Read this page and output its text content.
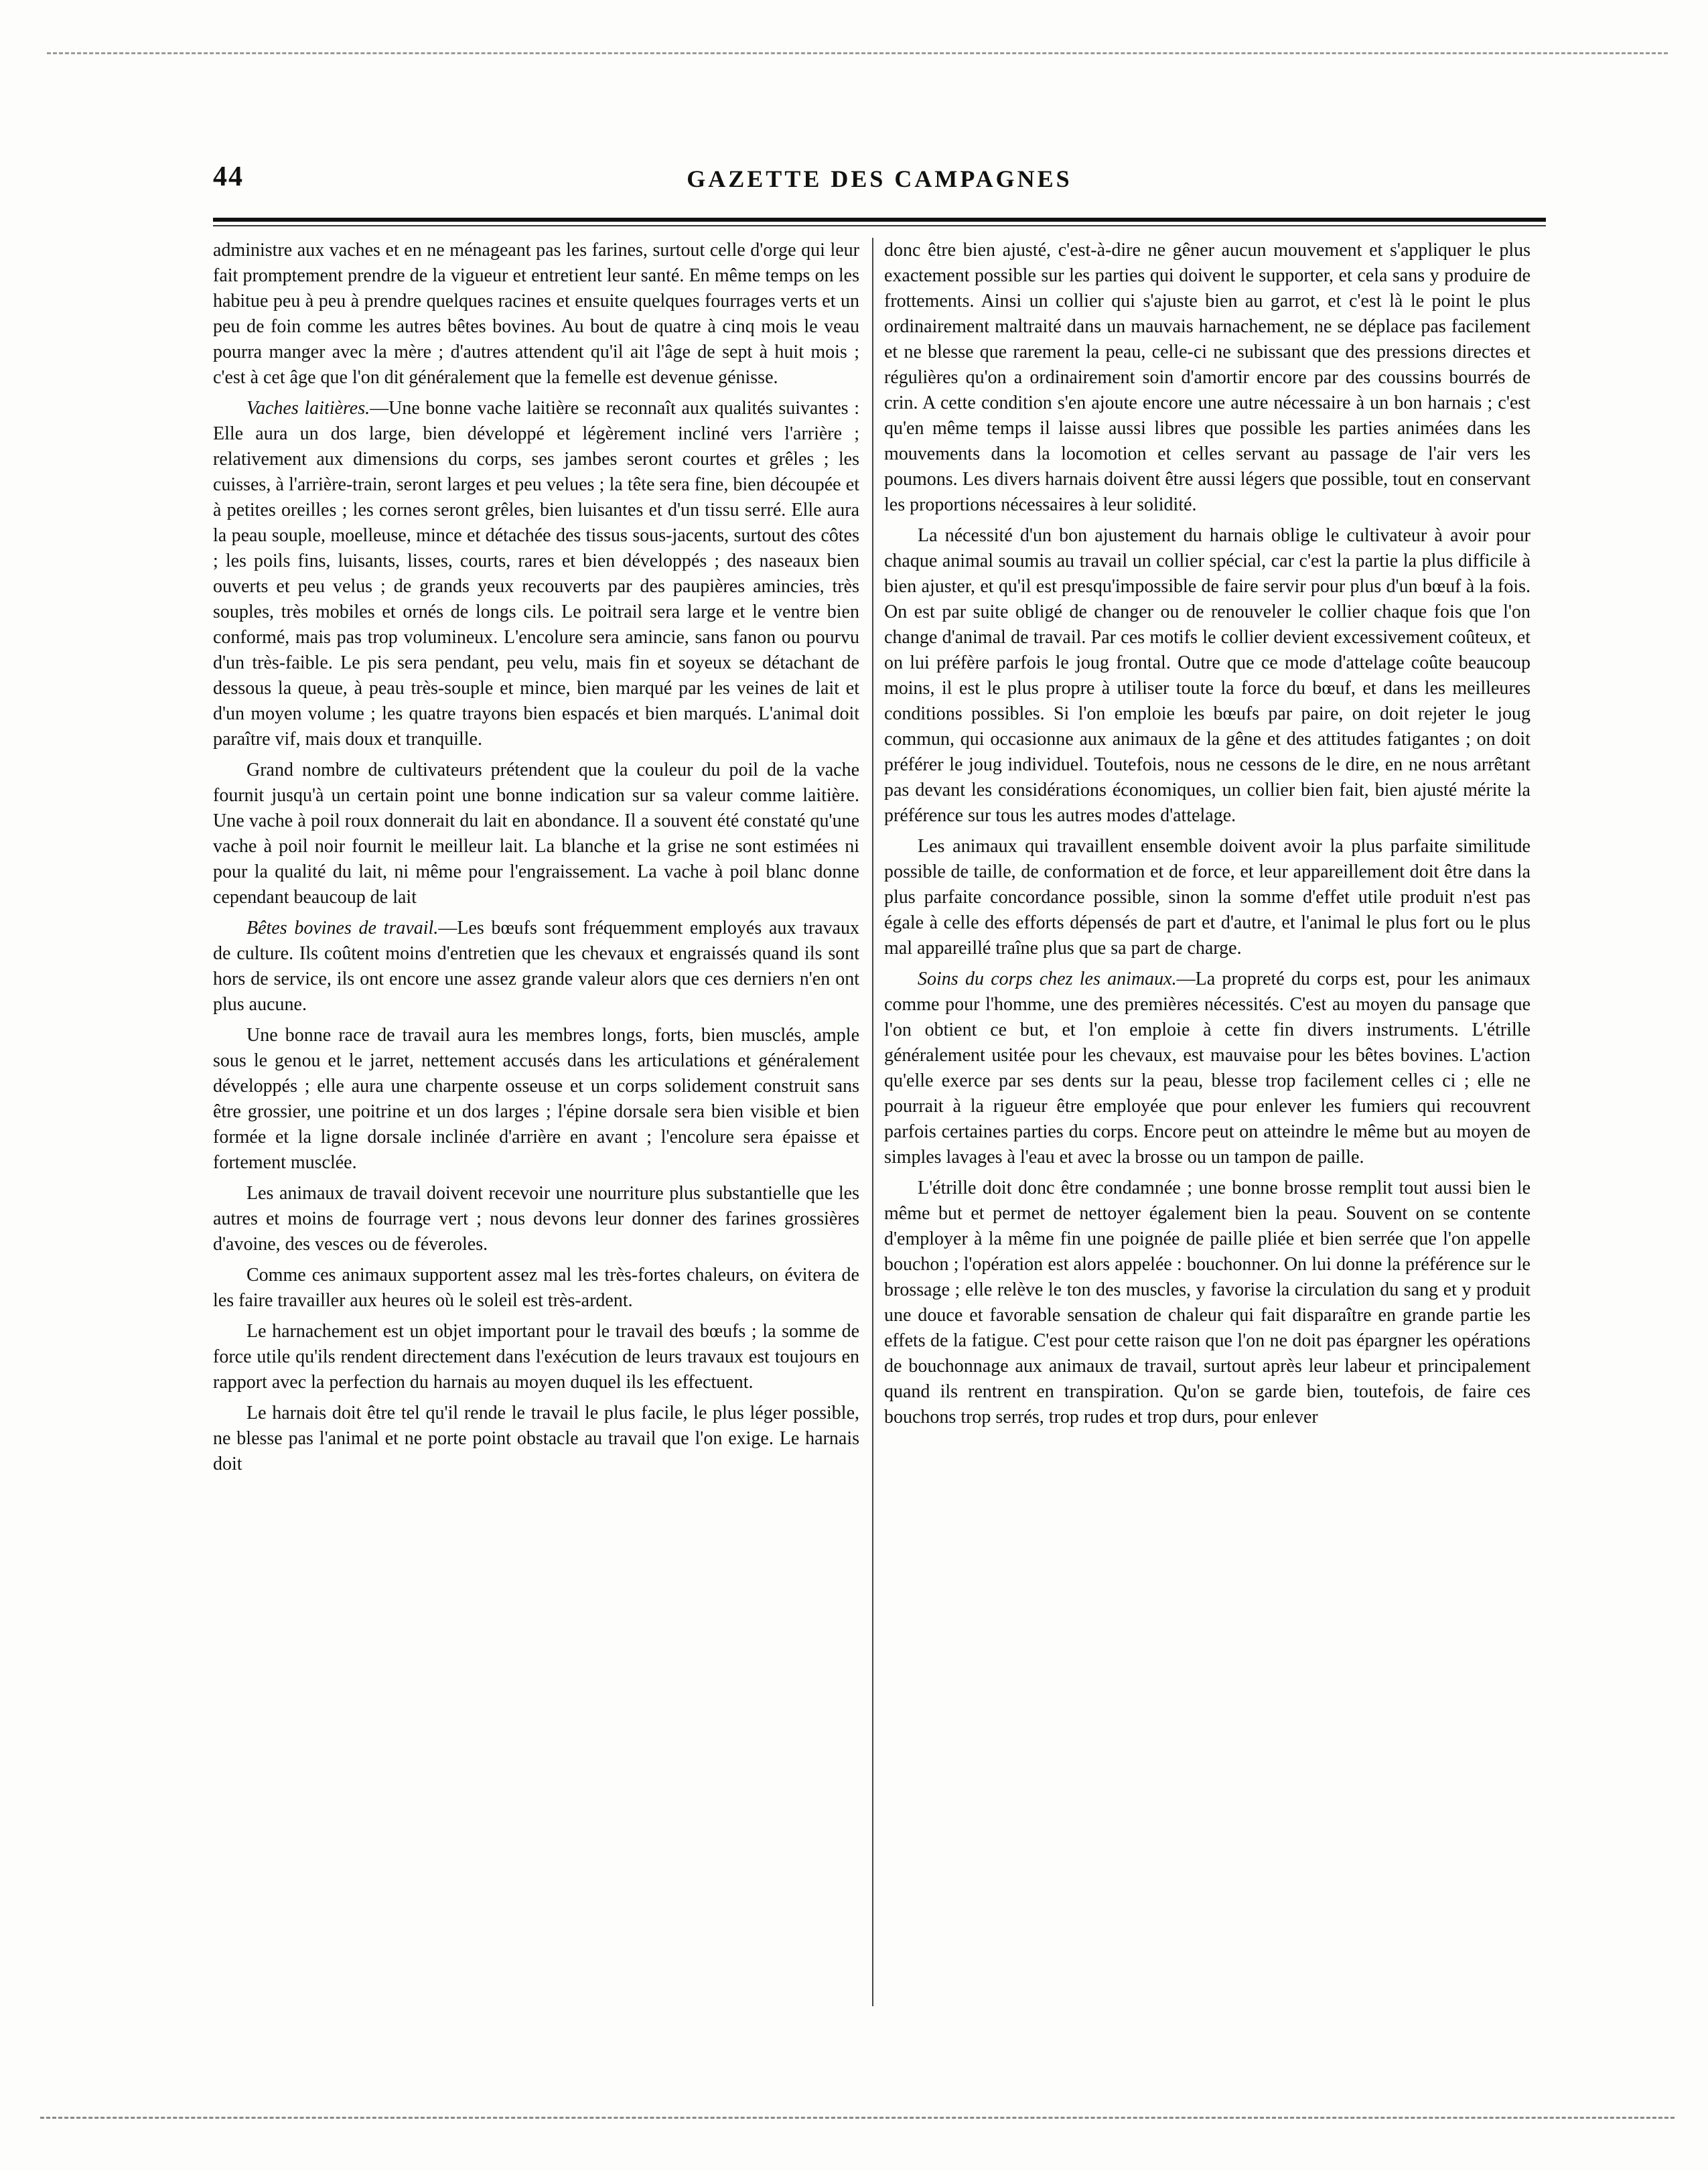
44	GAZETTE DES CAMPAGNES

administre aux vaches et en ne ménageant pas les farines, surtout celle d'orge qui leur fait promptement prendre de la vigueur et entretient leur santé. En même temps on les habitue peu à peu à prendre quelques racines et ensuite quelques fourrages verts et un peu de foin comme les autres bêtes bovines. Au bout de quatre à cinq mois le veau pourra manger avec la mère ; d'autres attendent qu'il ait l'âge de sept à huit mois ; c'est à cet âge que l'on dit généralement que la femelle est devenue génisse.

Vaches laitières.—Une bonne vache laitière se reconnaît aux qualités suivantes : Elle aura un dos large, bien développé et légèrement incliné vers l'arrière ; relativement aux dimensions du corps, ses jambes seront courtes et grêles ; les cuisses, à l'arrière-train, seront larges et peu velues ; la tête sera fine, bien découpée et à petites oreilles ; les cornes seront grêles, bien luisantes et d'un tissu serré. Elle aura la peau souple, moelleuse, mince et détachée des tissus sous-jacents, surtout des côtes ; les poils fins, luisants, lisses, courts, rares et bien développés ; des naseaux bien ouverts et peu velus ; de grands yeux recouverts par des paupières amincies, très souples, très mobiles et ornés de longs cils. Le poitrail sera large et le ventre bien conformé, mais pas trop volumineux. L'encolure sera amincie, sans fanon ou pourvu d'un très-faible. Le pis sera pendant, peu velu, mais fin et soyeux se détachant de dessous la queue, à peau très-souple et mince, bien marqué par les veines de lait et d'un moyen volume ; les quatre trayons bien espacés et bien marqués. L'animal doit paraître vif, mais doux et tranquille.

Grand nombre de cultivateurs prétendent que la couleur du poil de la vache fournit jusqu'à un certain point une bonne indication sur sa valeur comme laitière. Une vache à poil roux donnerait du lait en abondance. Il a souvent été constaté qu'une vache à poil noir fournit le meilleur lait. La blanche et la grise ne sont estimées ni pour la qualité du lait, ni même pour l'engraissement. La vache à poil blanc donne cependant beaucoup de lait

Bêtes bovines de travail.—Les bœufs sont fréquemment employés aux travaux de culture. Ils coûtent moins d'entretien que les chevaux et engraissés quand ils sont hors de service, ils ont encore une assez grande valeur alors que ces derniers n'en ont plus aucune.

Une bonne race de travail aura les membres longs, forts, bien musclés, ample sous le genou et le jarret, nettement accusés dans les articulations et généralement développés ; elle aura une charpente osseuse et un corps solidement construit sans être grossier, une poitrine et un dos larges ; l'épine dorsale sera bien visible et bien formée et la ligne dorsale inclinée d'arrière en avant ; l'encolure sera épaisse et fortement musclée.

Les animaux de travail doivent recevoir une nourriture plus substantielle que les autres et moins de fourrage vert ; nous devons leur donner des farines grossières d'avoine, des vesces ou de féveroles.

Comme ces animaux supportent assez mal les très-fortes chaleurs, on évitera de les faire travailler aux heures où le soleil est très-ardent.

Le harnachement est un objet important pour le travail des bœufs ; la somme de force utile qu'ils rendent directement dans l'exécution de leurs travaux est toujours en rapport avec la perfection du harnais au moyen duquel ils les effectuent.

Le harnais doit être tel qu'il rende le travail le plus facile, le plus léger possible, ne blesse pas l'animal et ne porte point obstacle au travail que l'on exige. Le harnais doit

donc être bien ajusté, c'est-à-dire ne gêner aucun mouvement et s'appliquer le plus exactement possible sur les parties qui doivent le supporter, et cela sans y produire de frottements. Ainsi un collier qui s'ajuste bien au garrot, et c'est là le point le plus ordinairement maltraité dans un mauvais harnachement, ne se déplace pas facilement et ne blesse que rarement la peau, celle-ci ne subissant que des pressions directes et régulières qu'on a ordinairement soin d'amortir encore par des coussins bourrés de crin. A cette condition s'en ajoute encore une autre nécessaire à un bon harnais ; c'est qu'en même temps il laisse aussi libres que possible les parties animées dans les mouvements dans la locomotion et celles servant au passage de l'air vers les poumons. Les divers harnais doivent être aussi légers que possible, tout en conservant les proportions nécessaires à leur solidité.

La nécessité d'un bon ajustement du harnais oblige le cultivateur à avoir pour chaque animal soumis au travail un collier spécial, car c'est la partie la plus difficile à bien ajuster, et qu'il est presqu'impossible de faire servir pour plus d'un bœuf à la fois. On est par suite obligé de changer ou de renouveler le collier chaque fois que l'on change d'animal de travail. Par ces motifs le collier devient excessivement coûteux, et on lui préfère parfois le joug frontal. Outre que ce mode d'attelage coûte beaucoup moins, il est le plus propre à utiliser toute la force du bœuf, et dans les meilleures conditions possibles. Si l'on emploie les bœufs par paire, on doit rejeter le joug commun, qui occasionne aux animaux de la gêne et des attitudes fatigantes ; on doit préférer le joug individuel. Toutefois, nous ne cessons de le dire, en ne nous arrêtant pas devant les considérations économiques, un collier bien fait, bien ajusté mérite la préférence sur tous les autres modes d'attelage.

Les animaux qui travaillent ensemble doivent avoir la plus parfaite similitude possible de taille, de conformation et de force, et leur appareillement doit être dans la plus parfaite concordance possible, sinon la somme d'effet utile produit n'est pas égale à celle des efforts dépensés de part et d'autre, et l'animal le plus fort ou le plus mal appareillé traîne plus que sa part de charge.

Soins du corps chez les animaux.—La propreté du corps est, pour les animaux comme pour l'homme, une des premières nécessités. C'est au moyen du pansage que l'on obtient ce but, et l'on emploie à cette fin divers instruments. L'étrille généralement usitée pour les chevaux, est mauvaise pour les bêtes bovines. L'action qu'elle exerce par ses dents sur la peau, blesse trop facilement celles ci ; elle ne pourrait à la rigueur être employée que pour enlever les fumiers qui recouvrent parfois certaines parties du corps. Encore peut on atteindre le même but au moyen de simples lavages à l'eau et avec la brosse ou un tampon de paille.

L'étrille doit donc être condamnée ; une bonne brosse remplit tout aussi bien le même but et permet de nettoyer également bien la peau. Souvent on se contente d'employer à la même fin une poignée de paille pliée et bien serrée que l'on appelle bouchon ; l'opération est alors appelée : bouchonner. On lui donne la préférence sur le brossage ; elle relève le ton des muscles, y favorise la circulation du sang et y produit une douce et favorable sensation de chaleur qui fait disparaître en grande partie les effets de la fatigue. C'est pour cette raison que l'on ne doit pas épargner les opérations de bouchonnage aux animaux de travail, surtout après leur labeur et principalement quand ils rentrent en transpiration. Qu'on se garde bien, toutefois, de faire ces bouchons trop serrés, trop rudes et trop durs, pour enlever
